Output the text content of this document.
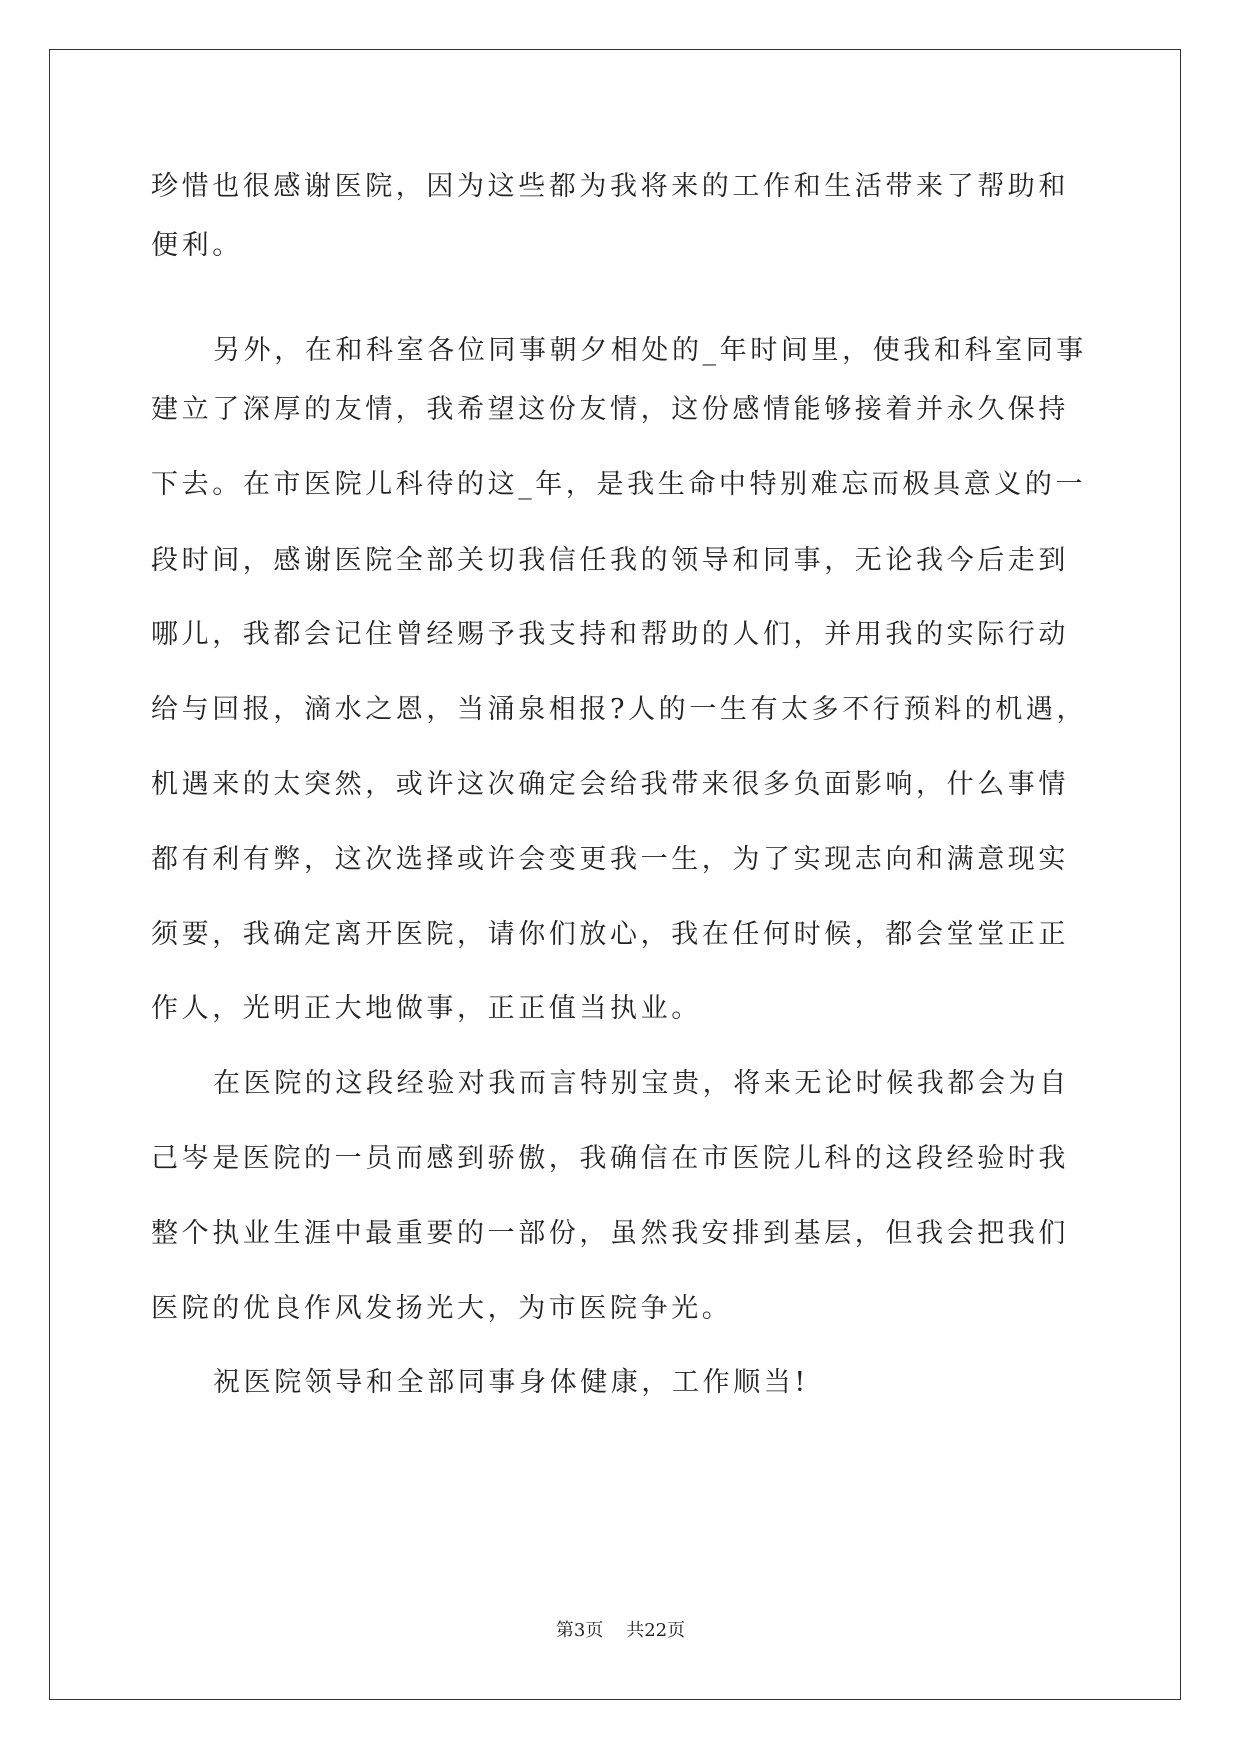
珍惜也很感谢医院，因为这些都为我将来的工作和生活带来了帮助和
便利。
另外，在和科室各位同事朝夕相处的_年时间里，使我和科室同事
建立了深厚的友情，我希望这份友情，这份感情能够接着并永久保持
下去。在市医院儿科待的这_年，是我生命中特别难忘而极具意义的一
段时间，感谢医院全部关切我信任我的领导和同事，无论我今后走到
哪儿，我都会记住曾经赐予我支持和帮助的人们，并用我的实际行动
给与回报，滴水之恩，当涌泉相报?人的一生有太多不行预料的机遇，
机遇来的太突然，或许这次确定会给我带来很多负面影响，什么事情
都有利有弊，这次选择或许会变更我一生，为了实现志向和满意现实
须要，我确定离开医院，请你们放心，我在任何时候，都会堂堂正正
作人，光明正大地做事，正正值当执业。
在医院的这段经验对我而言特别宝贵，将来无论时候我都会为自
己岑是医院的一员而感到骄傲，我确信在市医院儿科的这段经验时我
整个执业生涯中最重要的一部份，虽然我安排到基层，但我会把我们
医院的优良作风发扬光大，为市医院争光。
祝医院领导和全部同事身体健康，工作顺当!
第3页    共22页
